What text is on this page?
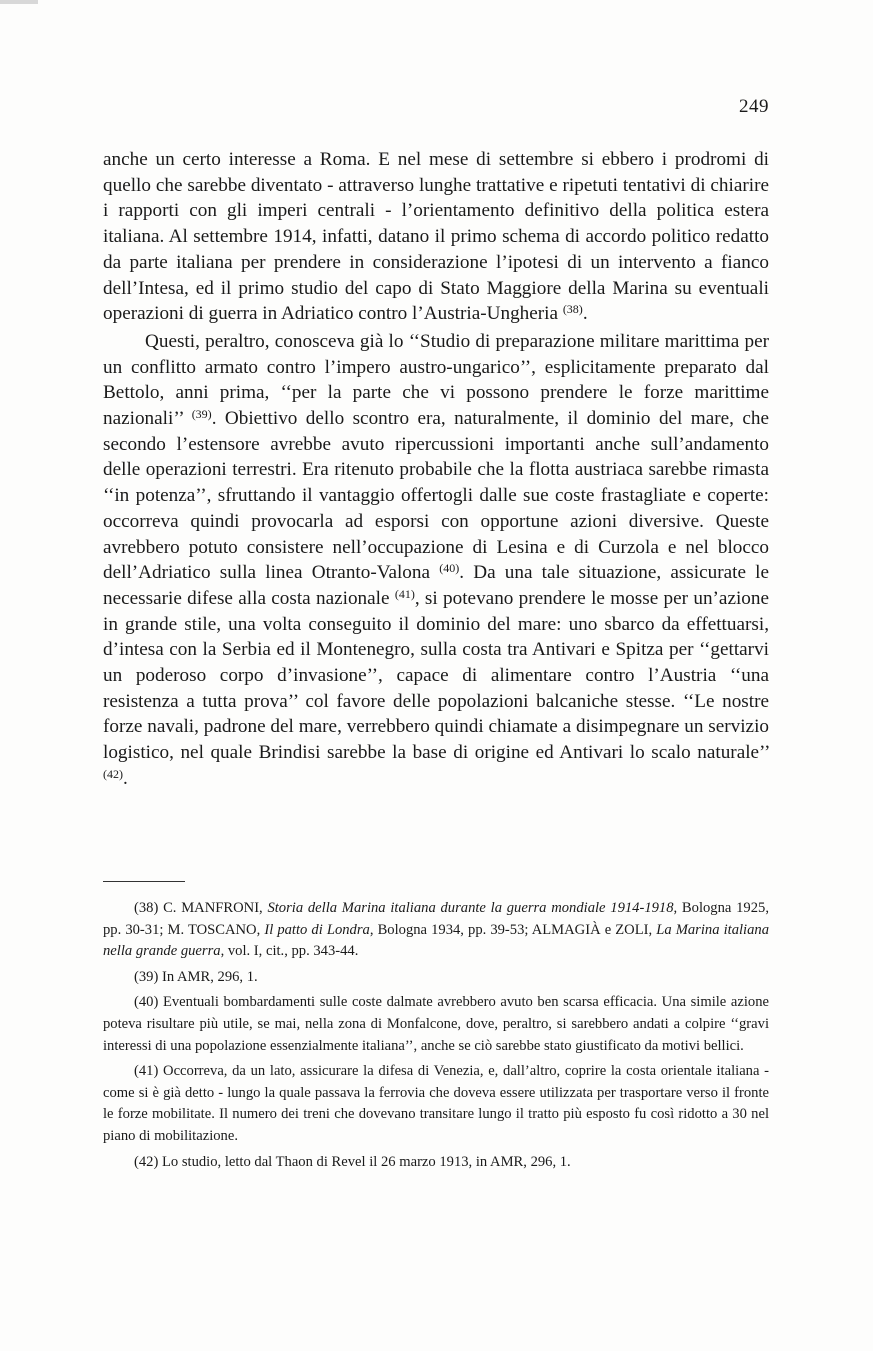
249

anche un certo interesse a Roma. E nel mese di settembre si ebbero i prodromi di quello che sarebbe diventato - attraverso lunghe trattative e ripetuti tentativi di chiarire i rapporti con gli imperi centrali - l’orientamento definitivo della politica estera italiana. Al settembre 1914, infatti, datano il primo schema di accordo politico redatto da parte italiana per prendere in considerazione l’ipotesi di un intervento a fianco dell’Intesa, ed il primo studio del capo di Stato Maggiore della Marina su eventuali operazioni di guerra in Adriatico contro l’Austria-Ungheria $^{(38)}$.

Questi, peraltro, conosceva già lo ‘‘Studio di preparazione militare marittima per un conflitto armato contro l’impero austro-ungarico’’, esplicitamente preparato dal Bettolo, anni prima, ‘‘per la parte che vi possono prendere le forze marittime nazionali’’ $^{(39)}$. Obiettivo dello scontro era, naturalmente, il dominio del mare, che secondo l’estensore avrebbe avuto ripercussioni importanti anche sull’andamento delle operazioni terrestri. Era ritenuto probabile che la flotta austriaca sarebbe rimasta ‘‘in potenza’’, sfruttando il vantaggio offertogli dalle sue coste frastagliate e coperte: occorreva quindi provocarla ad esporsi con opportune azioni diversive. Queste avrebbero potuto consistere nell’occupazione di Lesina e di Curzola e nel blocco dell’Adriatico sulla linea Otranto-Valona $^{(40)}$. Da una tale situazione, assicurate le necessarie difese alla costa nazionale $^{(41)}$, si potevano prendere le mosse per un’azione in grande stile, una volta conseguito il dominio del mare: uno sbarco da effettuarsi, d’intesa con la Serbia ed il Montenegro, sulla costa tra Antivari e Spitza per ‘‘gettarvi un poderoso corpo d’invasione’’, capace di alimentare contro l’Austria ‘‘una resistenza a tutta prova’’ col favore delle popolazioni balcaniche stesse. ‘‘Le nostre forze navali, padrone del mare, verrebbero quindi chiamate a disimpegnare un servizio logistico, nel quale Brindisi sarebbe la base di origine ed Antivari lo scalo naturale’’ $^{(42)}$.

(38) C. MANFRONI, Storia della Marina italiana durante la guerra mondiale 1914-1918, Bologna 1925, pp. 30-31; M. TOSCANO, Il patto di Londra, Bologna 1934, pp. 39-53; ALMAGIÀ e ZOLI, La Marina italiana nella grande guerra, vol. I, cit., pp. 343-44.

(39) In AMR, 296, 1.

(40) Eventuali bombardamenti sulle coste dalmate avrebbero avuto ben scarsa efficacia. Una simile azione poteva risultare più utile, se mai, nella zona di Monfalcone, dove, peraltro, si sarebbero andati a colpire ‘‘gravi interessi di una popolazione essenzialmente italiana’’, anche se ciò sarebbe stato giustificato da motivi bellici.

(41) Occorreva, da un lato, assicurare la difesa di Venezia, e, dall’altro, coprire la costa orientale italiana - come si è già detto - lungo la quale passava la ferrovia che doveva essere utilizzata per trasportare verso il fronte le forze mobilitate. Il numero dei treni che dovevano transitare lungo il tratto più esposto fu così ridotto a 30 nel piano di mobilitazione.

(42) Lo studio, letto dal Thaon di Revel il 26 marzo 1913, in AMR, 296, 1.
